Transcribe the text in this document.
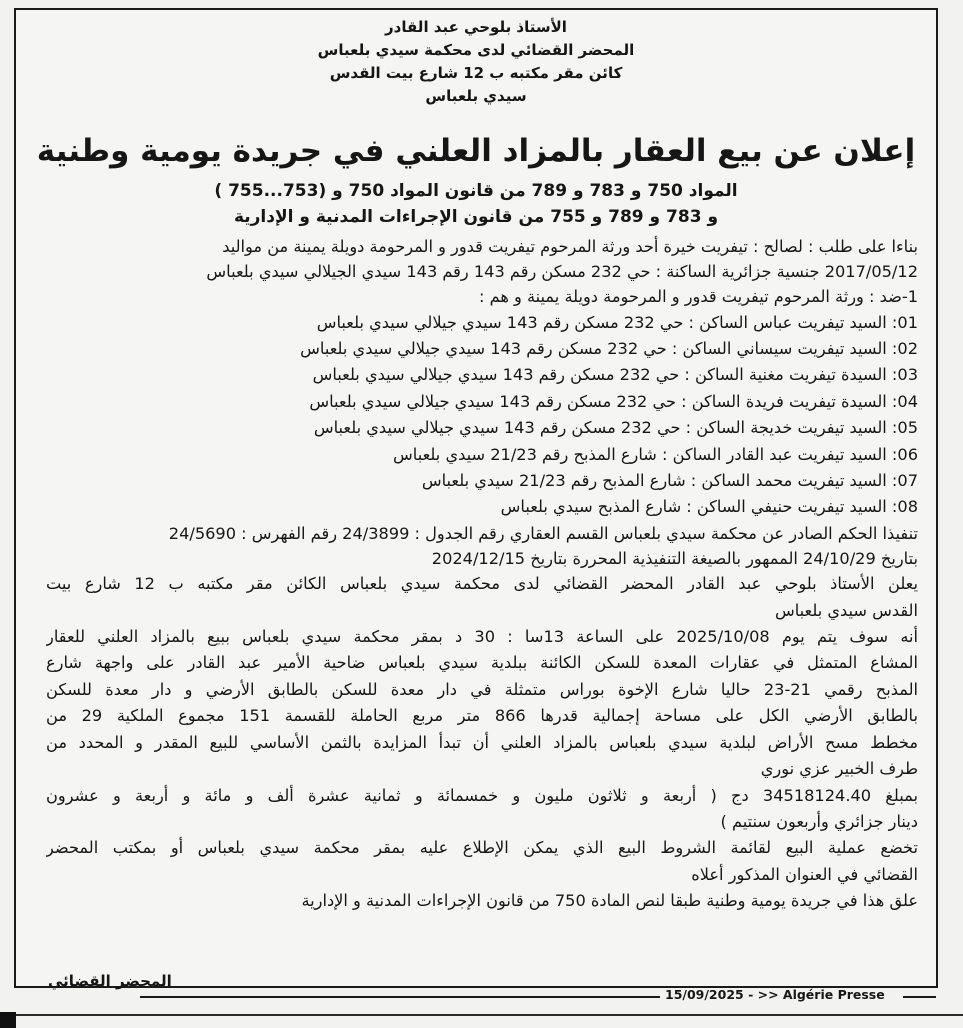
الأستاذ بلوحي عبد القادر
المحضر القضائي لدى محكمة سيدي بلعباس
كائن مقر مكتبه ب 12 شارع بيت القدس
سيدي بلعباس
إعلان عن بيع العقار بالمزاد العلني في جريدة يومية وطنية
المواد 750 و 783 و 789 من قانون المواد 750 و (753...755 )
و 783 و 789 و 755 من قانون الإجراءات المدنية و الإدارية
بناءا على طلب : لصالح : تيفريت خيرة أحد ورثة المرحوم تيفريت قدور و المرحومة دويلة يمينة من مواليد
2017/05/12 جنسية جزائرية الساكنة : حي 232 مسكن رقم 143 رقم 143 سيدي الجيلالي سيدي بلعباس
1-ضد : ورثة المرحوم تيفريت قدور و المرحومة دويلة يمينة و هم :
01: السيد تيفريت عباس الساكن : حي 232 مسكن رقم 143 سيدي جيلالي سيدي بلعباس
02: السيد تيفريت سيساني الساكن : حي 232 مسكن رقم 143 سيدي جيلالي سيدي بلعباس
03: السيدة تيفريت مغنية الساكن : حي 232 مسكن رقم 143 سيدي جيلالي سيدي بلعباس
04: السيدة تيفريت فريدة الساكن : حي 232 مسكن رقم 143 سيدي جيلالي سيدي بلعباس
05: السيد تيفريت خديجة الساكن : حي 232 مسكن رقم 143 سيدي جيلالي سيدي بلعباس
06: السيد تيفريت عبد القادر الساكن : شارع المذبح رقم 21/23 سيدي بلعباس
07: السيد تيفريت محمد الساكن : شارع المذبح رقم 21/23 سيدي بلعباس
08: السيد تيفريت حنيفي الساكن : شارع المذبح سيدي بلعباس
تنفيذا الحكم الصادر عن محكمة سيدي بلعباس القسم العقاري رقم الجدول : 24/3899 رقم الفهرس : 24/5690
بتاريخ 24/10/29 الممهور بالصيغة التنفيذية المحررة بتاريخ 2024/12/15
يعلن الأستاذ بلوحي عبد القادر المحضر القضائي لدى محكمة سيدي بلعباس الكائن مقر مكتبه ب 12 شارع بيت
القدس سيدي بلعباس
أنه سوف يتم يوم 2025/10/08 على الساعة 13سا : 30 د بمقر محكمة سيدي بلعباس ببيع بالمزاد العلني للعقار
المشاع المتمثل في عقارات المعدة للسكن الكائنة ببلدية سيدي بلعباس ضاحية الأمير عبد القادر على واجهة شارع
المذبح رقمي 21-23 حاليا شارع الإخوة بوراس متمثلة في دار معدة للسكن بالطابق الأرضي و دار معدة للسكن
بالطابق الأرضي الكل على مساحة إجمالية قدرها 866 متر مربع الحاملة للقسمة 151 مجموع الملكية 29 من
مخطط مسح الأراض لبلدية سيدي بلعباس بالمزاد العلني أن تبدأ المزايدة بالثمن الأساسي للبيع المقدر و المحدد من
طرف الخبير عزي نوري
بمبلغ 34518124.40 دج ( أربعة و ثلاثون مليون و خمسمائة و ثمانية عشرة ألف و مائة و أربعة و عشرون
دينار جزائري وأربعون سنتيم )
تخضع عملية البيع لقائمة الشروط البيع الذي يمكن الإطلاع عليه بمقر محكمة سيدي بلعباس أو بمكتب المحضر
القضائي في العنوان المذكور أعلاه
علق هذا في جريدة يومية وطنية طبقا لنص المادة 750 من قانون الإجراءات المدنية و الإدارية
المحضر القضائي
15/09/2025 - >> Algérie Presse
